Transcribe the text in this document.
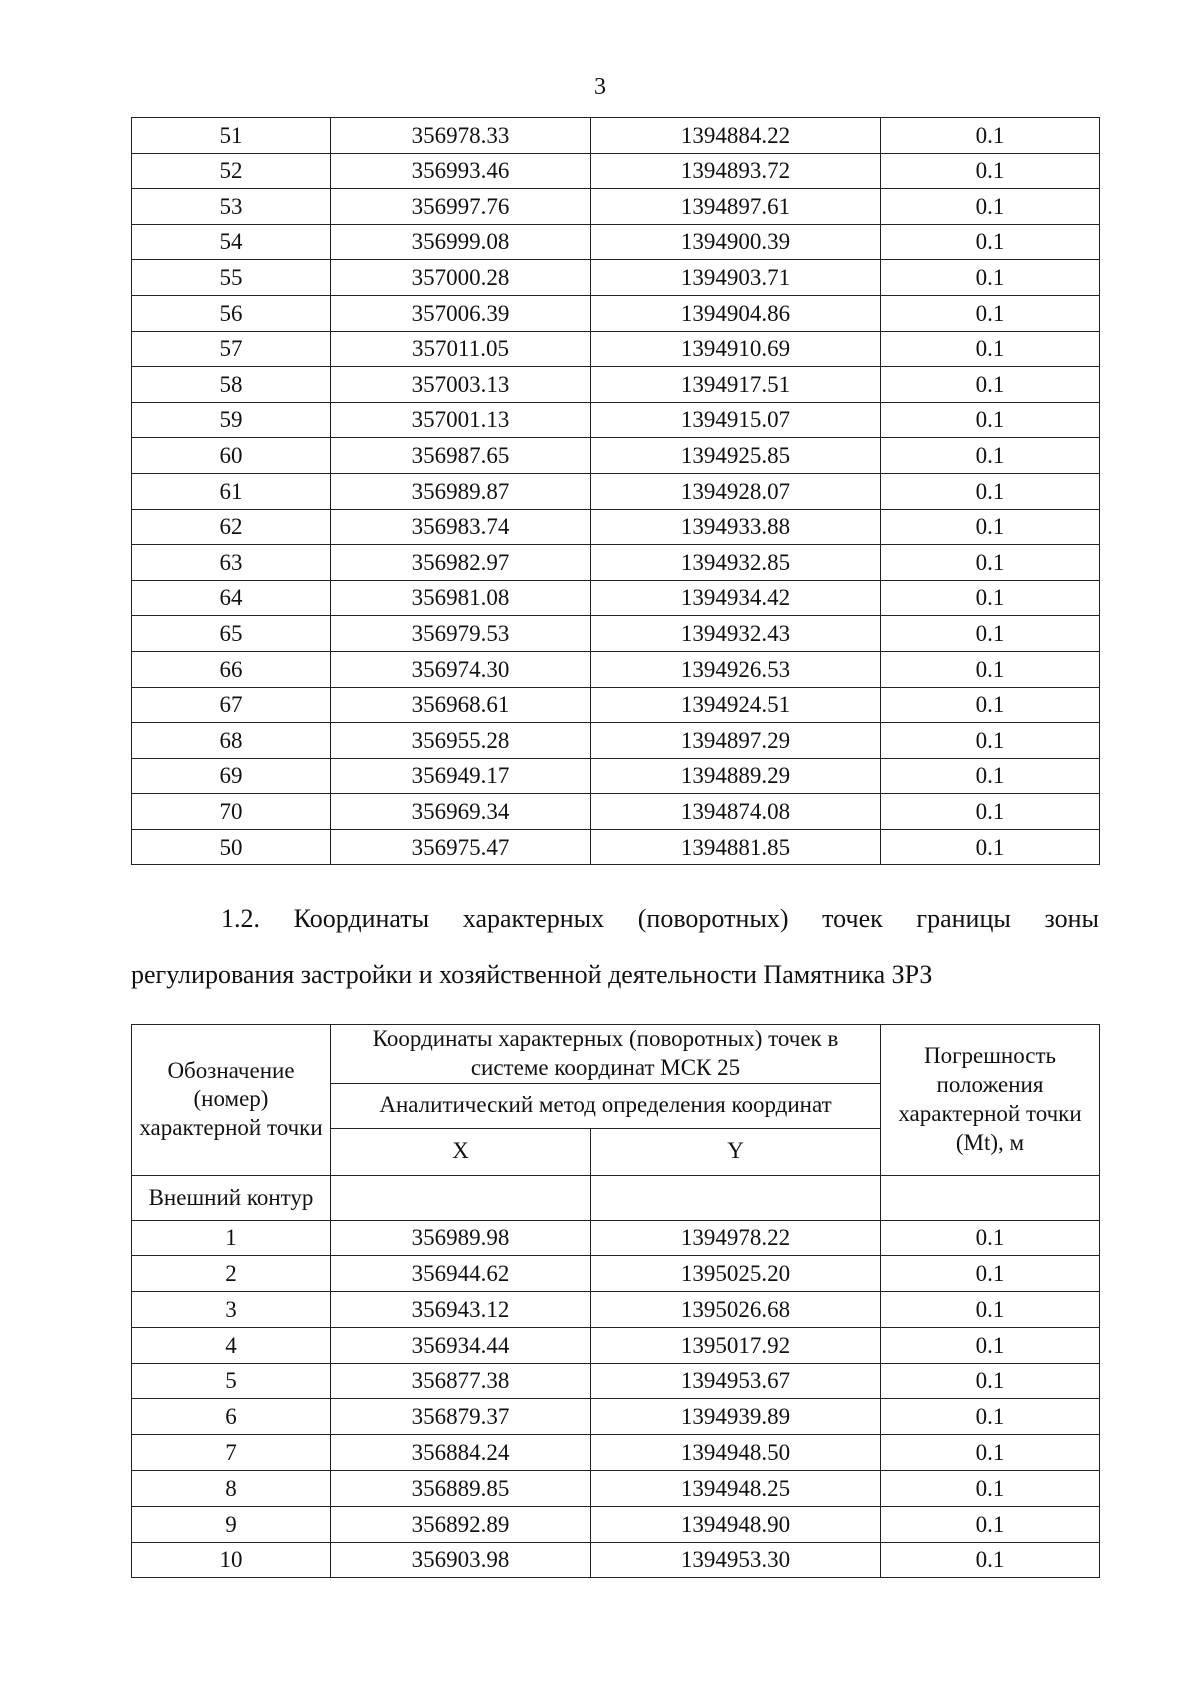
3
51	356978.33	1394884.22	0.1
52	356993.46	1394893.72	0.1
53	356997.76	1394897.61	0.1
54	356999.08	1394900.39	0.1
55	357000.28	1394903.71	0.1
56	357006.39	1394904.86	0.1
57	357011.05	1394910.69	0.1
58	357003.13	1394917.51	0.1
59	357001.13	1394915.07	0.1
60	356987.65	1394925.85	0.1
61	356989.87	1394928.07	0.1
62	356983.74	1394933.88	0.1
63	356982.97	1394932.85	0.1
64	356981.08	1394934.42	0.1
65	356979.53	1394932.43	0.1
66	356974.30	1394926.53	0.1
67	356968.61	1394924.51	0.1
68	356955.28	1394897.29	0.1
69	356949.17	1394889.29	0.1
70	356969.34	1394874.08	0.1
50	356975.47	1394881.85	0.1
1.2. Координаты характерных (поворотных) точек границы зоны
регулирования застройки и хозяйственной деятельности Памятника ЗРЗ
Обозначение (номер) характерной точки	Координаты характерных (поворотных) точек в системе координат МСК 25		Погрешность положения характерной точки (Mt), м
	Аналитический метод определения координат		
	X	Y	
Внешний контур			
1	356989.98	1394978.22	0.1
2	356944.62	1395025.20	0.1
3	356943.12	1395026.68	0.1
4	356934.44	1395017.92	0.1
5	356877.38	1394953.67	0.1
6	356879.37	1394939.89	0.1
7	356884.24	1394948.50	0.1
8	356889.85	1394948.25	0.1
9	356892.89	1394948.90	0.1
10	356903.98	1394953.30	0.1
